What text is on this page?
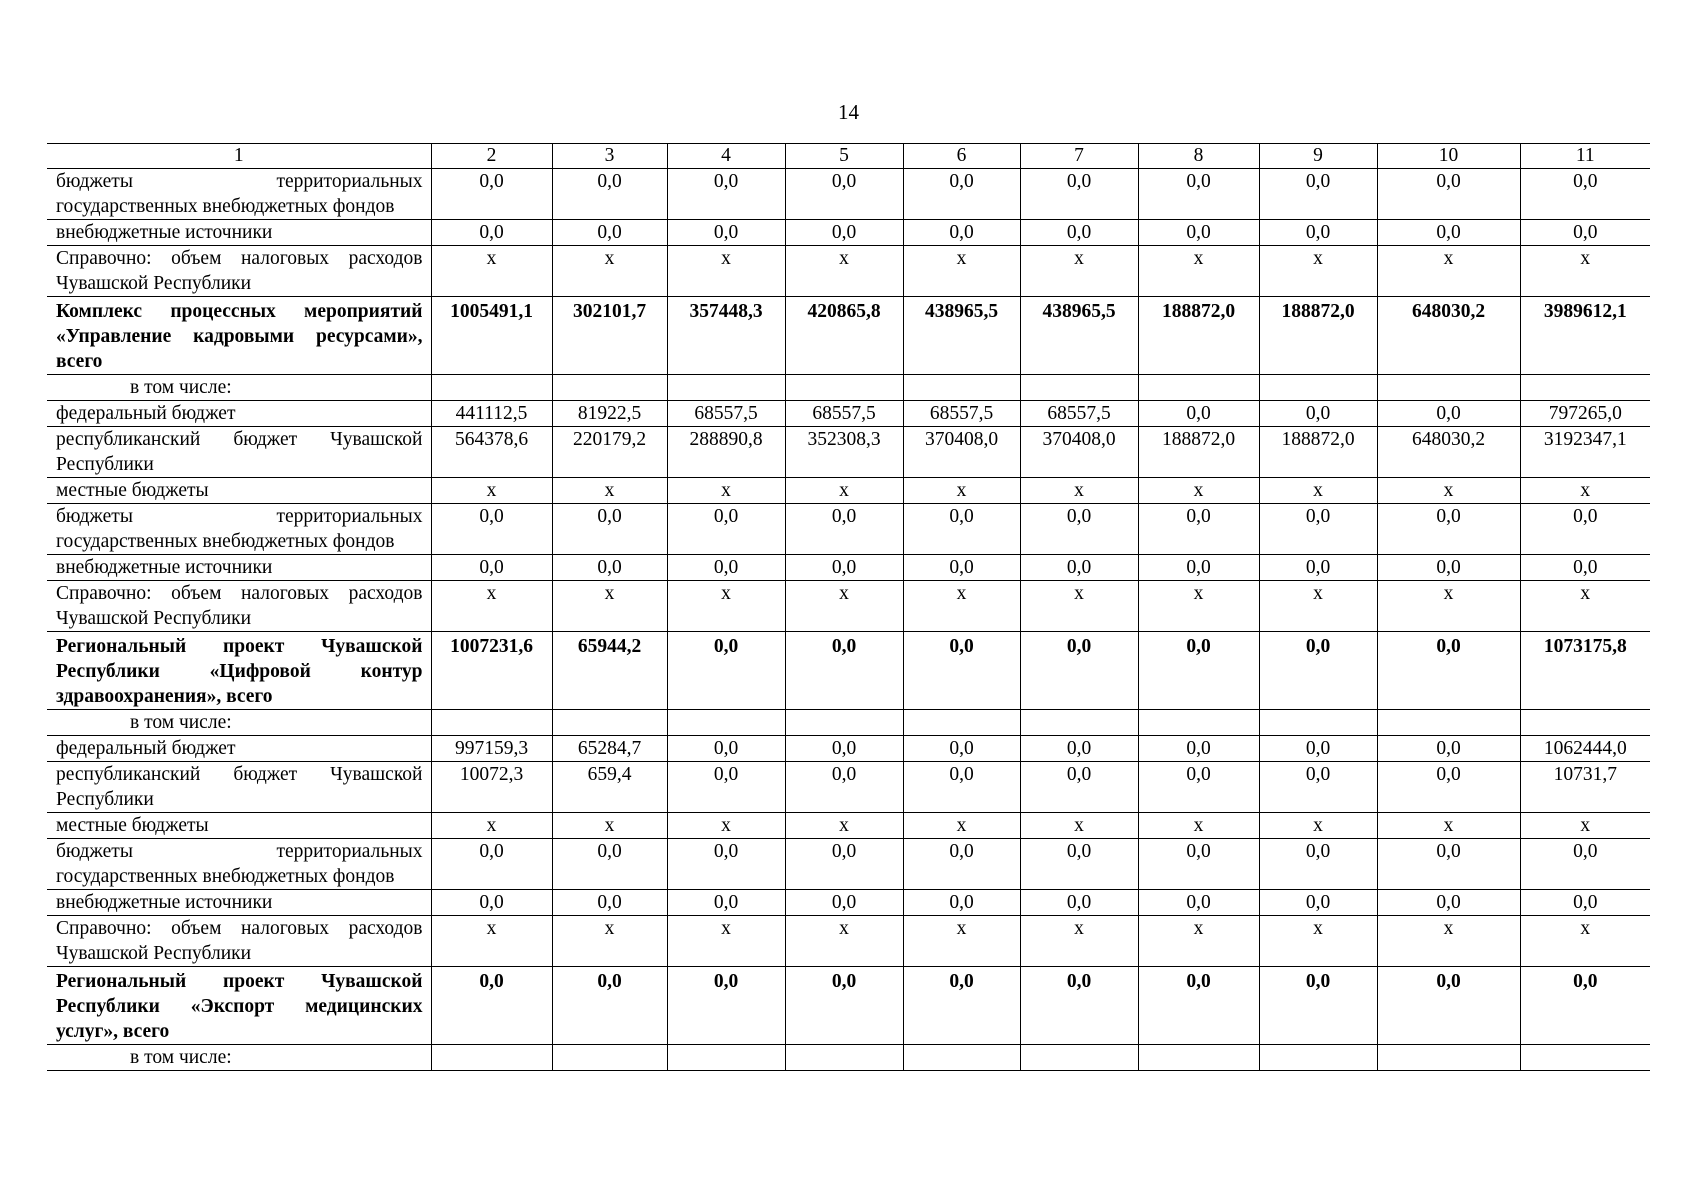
14
1	2	3	4	5	6	7	8	9	10	11
бюджеты территориальных государственных внебюджетных фондов	0,0	0,0	0,0	0,0	0,0	0,0	0,0	0,0	0,0	0,0
внебюджетные источники	0,0	0,0	0,0	0,0	0,0	0,0	0,0	0,0	0,0	0,0
Справочно: объем налоговых расходов Чувашской Республики	х	х	х	х	х	х	х	х	х	х
Комплекс процессных мероприятий «Управление кадровыми ресурсами», всего	1005491,1	302101,7	357448,3	420865,8	438965,5	438965,5	188872,0	188872,0	648030,2	3989612,1
в том числе:										
федеральный бюджет	441112,5	81922,5	68557,5	68557,5	68557,5	68557,5	0,0	0,0	0,0	797265,0
республиканский бюджет Чувашской Республики	564378,6	220179,2	288890,8	352308,3	370408,0	370408,0	188872,0	188872,0	648030,2	3192347,1
местные бюджеты	х	х	х	х	х	х	х	х	х	х
бюджеты территориальных государственных внебюджетных фондов	0,0	0,0	0,0	0,0	0,0	0,0	0,0	0,0	0,0	0,0
внебюджетные источники	0,0	0,0	0,0	0,0	0,0	0,0	0,0	0,0	0,0	0,0
Справочно: объем налоговых расходов Чувашской Республики	х	х	х	х	х	х	х	х	х	х
Региональный проект Чувашской Республики «Цифровой контур здравоохранения», всего	1007231,6	65944,2	0,0	0,0	0,0	0,0	0,0	0,0	0,0	1073175,8
в том числе:										
федеральный бюджет	997159,3	65284,7	0,0	0,0	0,0	0,0	0,0	0,0	0,0	1062444,0
республиканский бюджет Чувашской Республики	10072,3	659,4	0,0	0,0	0,0	0,0	0,0	0,0	0,0	10731,7
местные бюджеты	х	х	х	х	х	х	х	х	х	х
бюджеты территориальных государственных внебюджетных фондов	0,0	0,0	0,0	0,0	0,0	0,0	0,0	0,0	0,0	0,0
внебюджетные источники	0,0	0,0	0,0	0,0	0,0	0,0	0,0	0,0	0,0	0,0
Справочно: объем налоговых расходов Чувашской Республики	х	х	х	х	х	х	х	х	х	х
Региональный проект Чувашской Республики «Экспорт медицинских услуг», всего	0,0	0,0	0,0	0,0	0,0	0,0	0,0	0,0	0,0	0,0
в том числе:										
